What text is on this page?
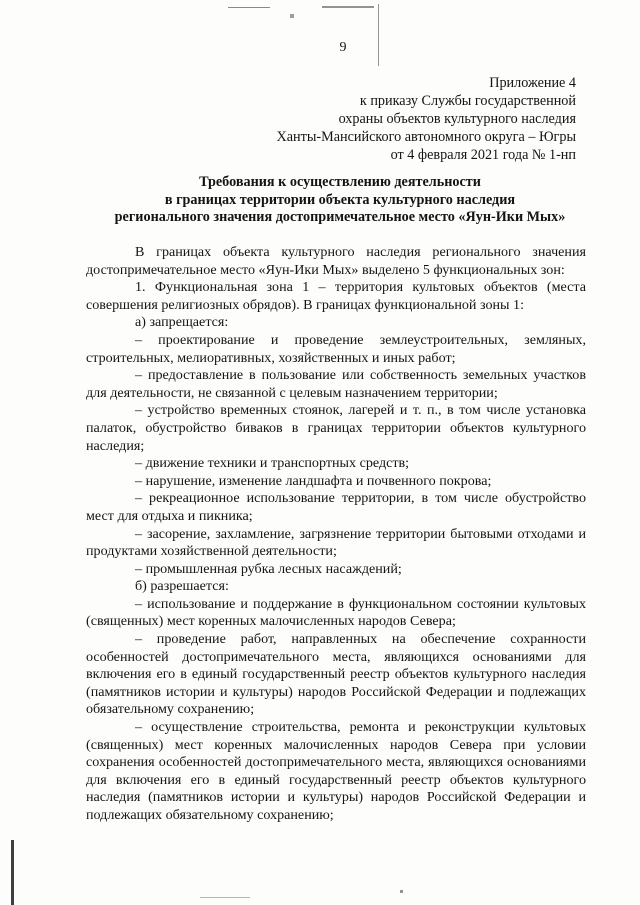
9
Приложение 4
к приказу Службы государственной
охраны объектов культурного наследия
Ханты-Мансийского автономного округа – Югры
от 4 февраля 2021 года № 1-нп
Требования к осуществлению деятельности
в границах территории объекта культурного наследия
регионального значения достопримечательное место «Яун-Ики Мых»

В границах объекта культурного наследия регионального значения достопримечательное место «Яун-Ики Мых» выделено 5 функциональных зон:

1. Функциональная зона 1 – территория культовых объектов (места совершения религиозных обрядов). В границах функциональной зоны 1:

а) запрещается:

– проектирование и проведение землеустроительных, земляных, строительных, мелиоративных, хозяйственных и иных работ;

– предоставление в пользование или собственность земельных участков для деятельности, не связанной с целевым назначением территории;

– устройство временных стоянок, лагерей и т. п., в том числе установка палаток, обустройство биваков в границах территории объектов культурного наследия;

– движение техники и транспортных средств;

– нарушение, изменение ландшафта и почвенного покрова;

– рекреационное использование территории, в том числе обустройство мест для отдыха и пикника;

– засорение, захламление, загрязнение территории бытовыми отходами и продуктами хозяйственной деятельности;

– промышленная рубка лесных насаждений;

б) разрешается:

– использование и поддержание в функциональном состоянии культовых (священных) мест коренных малочисленных народов Севера;

– проведение работ, направленных на обеспечение сохранности особенностей достопримечательного места, являющихся основаниями для включения его в единый государственный реестр объектов культурного наследия (памятников истории и культуры) народов Российской Федерации и подлежащих обязательному сохранению;

– осуществление строительства, ремонта и реконструкции культовых (священных) мест коренных малочисленных народов Севера при условии сохранения особенностей достопримечательного места, являющихся основаниями для включения его в единый государственный реестр объектов культурного наследия (памятников истории и культуры) народов Российской Федерации и подлежащих обязательному сохранению;
